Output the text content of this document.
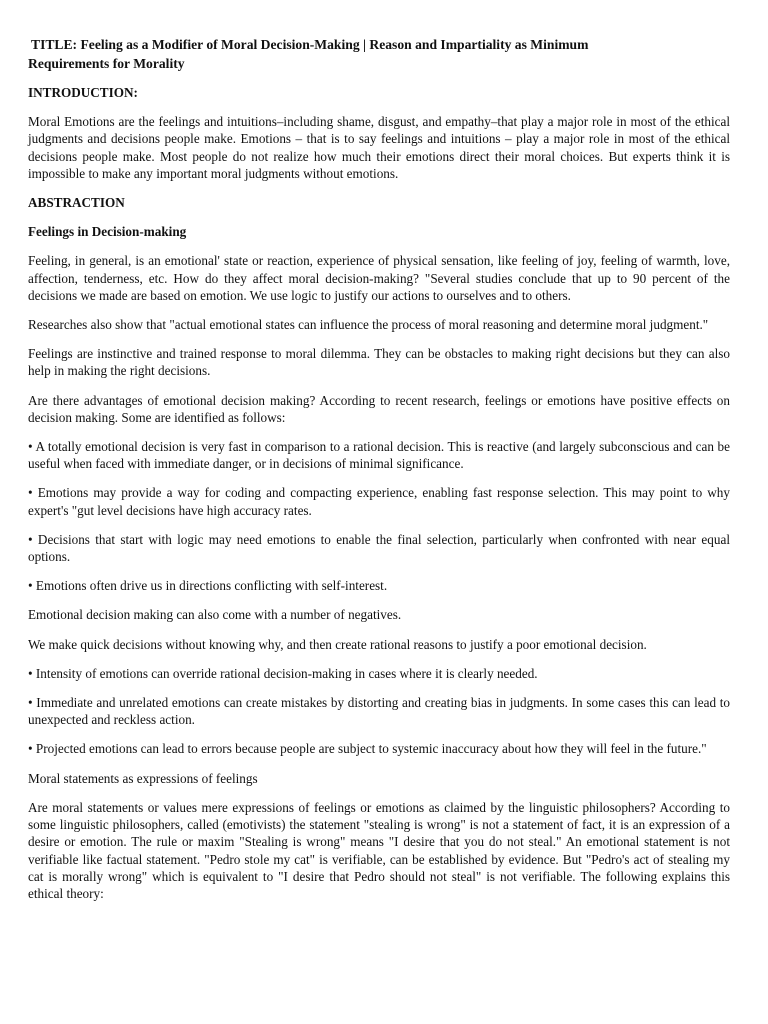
TITLE: Feeling as a Modifier of Moral Decision-Making | Reason and Impartiality as Minimum
Requirements for Morality
INTRODUCTION:

Moral Emotions are the feelings and intuitions–including shame, disgust, and empathy–that play a major role in most of the ethical judgments and decisions people make. Emotions – that is to say feelings and intuitions – play a major role in most of the ethical decisions people make. Most people do not realize how much their emotions direct their moral choices. But experts think it is impossible to make any important moral judgments without emotions.

ABSTRACTION
Feelings in Decision-making

Feeling, in general, is an emotional' state or reaction, experience of physical sensation, like feeling of joy, feeling of warmth, love, affection, tenderness, etc. How do they affect moral decision-making? "Several studies conclude that up to 90 percent of the decisions we made are based on emotion. We use logic to justify our actions to ourselves and to others.

Researches also show that "actual emotional states can influence the process of moral reasoning and determine moral judgment."

Feelings are instinctive and trained response to moral dilemma. They can be obstacles to making right decisions but they can also help in making the right decisions.

Are there advantages of emotional decision making? According to recent research, feelings or emotions have positive effects on decision making. Some are identified as follows:

• A totally emotional decision is very fast in comparison to a rational decision. This is reactive (and largely subconscious and can be useful when faced with immediate danger, or in decisions of minimal significance.

• Emotions may provide a way for coding and compacting experience, enabling fast response selection. This may point to why expert's "gut level decisions have high accuracy rates.

• Decisions that start with logic may need emotions to enable the final selection, particularly when confronted with near equal options.

• Emotions often drive us in directions conflicting with self-interest.

Emotional decision making can also come with a number of negatives.

We make quick decisions without knowing why, and then create rational reasons to justify a poor emotional decision.

• Intensity of emotions can override rational decision-making in cases where it is clearly needed.

• Immediate and unrelated emotions can create mistakes by distorting and creating bias in judgments. In some cases this can lead to unexpected and reckless action.

• Projected emotions can lead to errors because people are subject to systemic inaccuracy about how they will feel in the future."

Moral statements as expressions of feelings

Are moral statements or values mere expressions of feelings or emotions as claimed by the linguistic philosophers? According to some linguistic philosophers, called (emotivists) the statement "stealing is wrong" is not a statement of fact, it is an expression of a desire or emotion. The rule or maxim "Stealing is wrong" means "I desire that you do not steal." An emotional statement is not verifiable like factual statement. "Pedro stole my cat" is verifiable, can be established by evidence. But "Pedro's act of stealing my cat is morally wrong" which is equivalent to "I desire that Pedro should not steal" is not verifiable. The following explains this ethical theory:
